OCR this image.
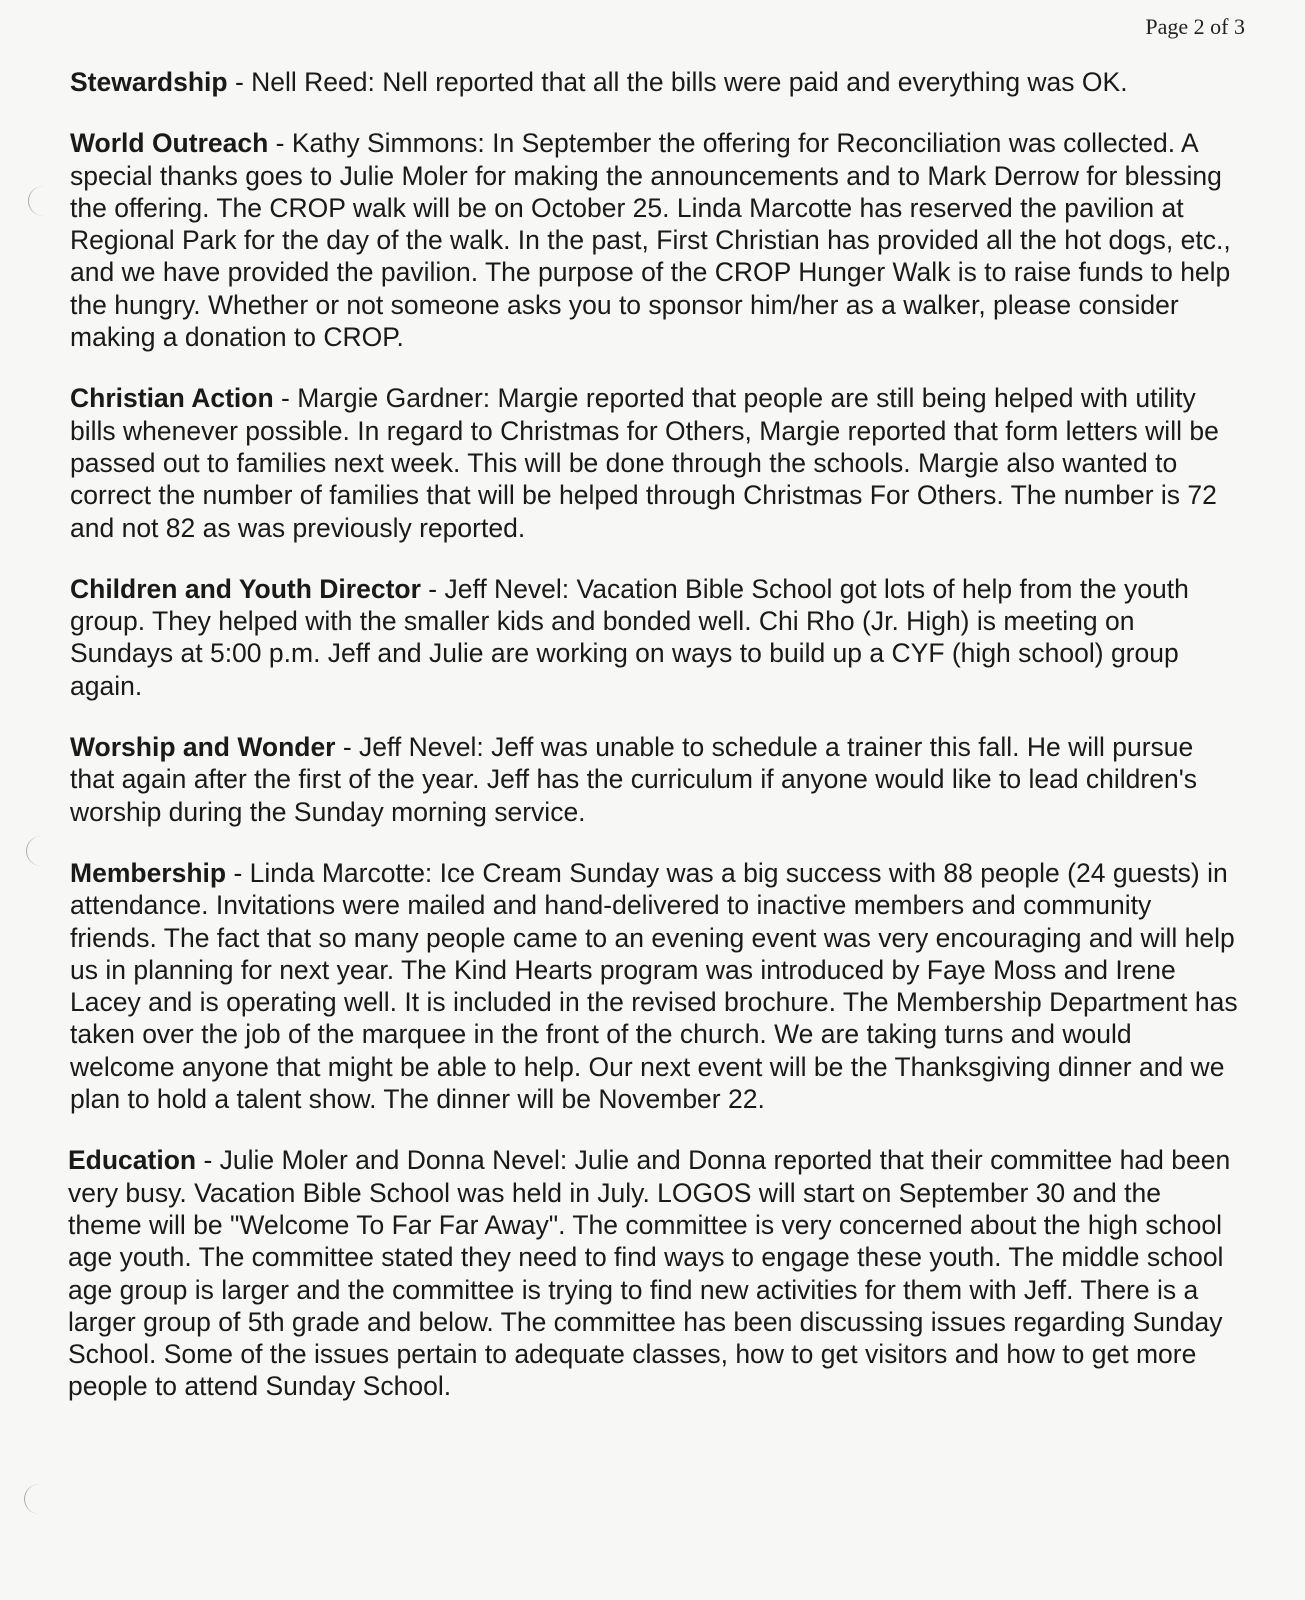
Page 2 of 3

Stewardship - Nell Reed: Nell reported that all the bills were paid and everything was OK.

World Outreach - Kathy Simmons: In September the offering for Reconciliation was collected. A special thanks goes to Julie Moler for making the announcements and to Mark Derrow for blessing the offering. The CROP walk will be on October 25. Linda Marcotte has reserved the pavilion at Regional Park for the day of the walk. In the past, First Christian has provided all the hot dogs, etc., and we have provided the pavilion. The purpose of the CROP Hunger Walk is to raise funds to help the hungry. Whether or not someone asks you to sponsor him/her as a walker, please consider making a donation to CROP.

Christian Action - Margie Gardner: Margie reported that people are still being helped with utility bills whenever possible. In regard to Christmas for Others, Margie reported that form letters will be passed out to families next week. This will be done through the schools. Margie also wanted to correct the number of families that will be helped through Christmas For Others. The number is 72 and not 82 as was previously reported.

Children and Youth Director - Jeff Nevel: Vacation Bible School got lots of help from the youth group. They helped with the smaller kids and bonded well. Chi Rho (Jr. High) is meeting on Sundays at 5:00 p.m. Jeff and Julie are working on ways to build up a CYF (high school) group again.

Worship and Wonder - Jeff Nevel: Jeff was unable to schedule a trainer this fall. He will pursue that again after the first of the year. Jeff has the curriculum if anyone would like to lead children's worship during the Sunday morning service.

Membership - Linda Marcotte: Ice Cream Sunday was a big success with 88 people (24 guests) in attendance. Invitations were mailed and hand-delivered to inactive members and community friends. The fact that so many people came to an evening event was very encouraging and will help us in planning for next year. The Kind Hearts program was introduced by Faye Moss and Irene Lacey and is operating well. It is included in the revised brochure. The Membership Department has taken over the job of the marquee in the front of the church. We are taking turns and would welcome anyone that might be able to help. Our next event will be the Thanksgiving dinner and we plan to hold a talent show. The dinner will be November 22.

Education - Julie Moler and Donna Nevel: Julie and Donna reported that their committee had been very busy. Vacation Bible School was held in July. LOGOS will start on September 30 and the theme will be "Welcome To Far Far Away". The committee is very concerned about the high school age youth. The committee stated they need to find ways to engage these youth. The middle school age group is larger and the committee is trying to find new activities for them with Jeff. There is a larger group of 5th grade and below. The committee has been discussing issues regarding Sunday School. Some of the issues pertain to adequate classes, how to get visitors and how to get more people to attend Sunday School.
